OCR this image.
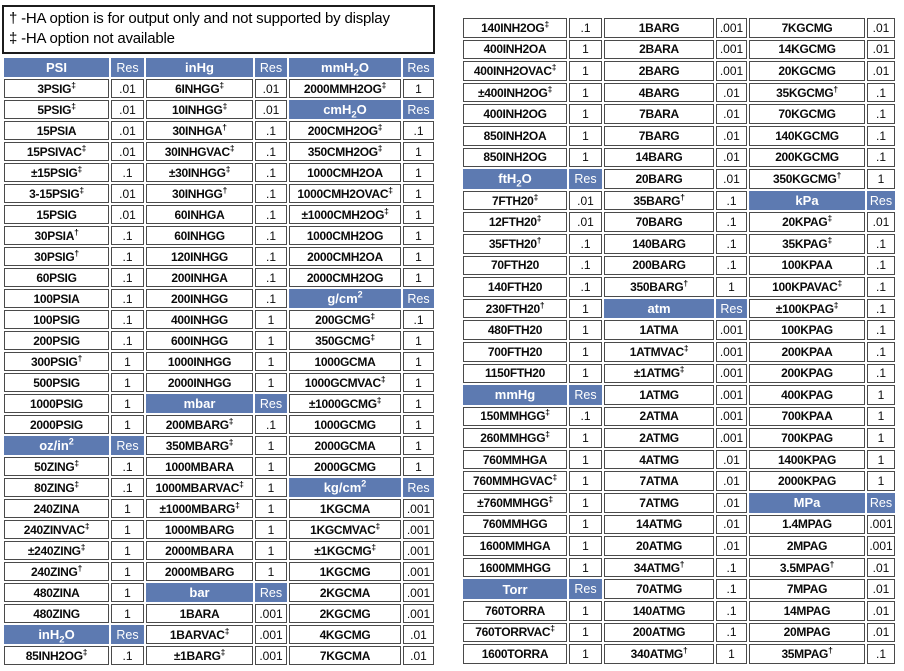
† -HA option is for output only and not supported by display
‡ -HA option not available
PSI	Res	inHg	Res	mmH$_2$O	Res
3PSIG‡	.01	6INHGG‡	.01	2000MMH2OG‡	1
5PSIG‡	.01	10INHGG‡	.01	cmH$_2$O	Res
15PSIA	.01	30INHGA†	.1	200CMH2OG‡	.1
15PSIVAC‡	.01	30INHGVAC‡	.1	350CMH2OG‡	1
±15PSIG‡	.1	±30INHGG‡	.1	1000CMH2OA	1
3-15PSIG‡	.01	30INHGG†	.1	1000CMH2OVAC‡	1
15PSIG	.01	60INHGA	.1	±1000CMH2OG‡	1
30PSIA†	.1	60INHGG	.1	1000CMH2OG	1
30PSIG†	.1	120INHGG	.1	2000CMH2OA	1
60PSIG	.1	200INHGA	.1	2000CMH2OG	1
100PSIA	.1	200INHGG	.1	$g/cm^2$	Res
100PSIG	.1	400INHGG	1	200GCMG‡	.1
200PSIG	.1	600INHGG	1	350GCMG‡	1
300PSIG†	1	1000INHGG	1	1000GCMA	1
500PSIG	1	2000INHGG	1	1000GCMVAC‡	1
1000PSIG	1	mbar	Res	±1000GCMG‡	1
2000PSIG	1	200MBARG‡	.1	1000GCMG	1
$oz/in^2$	Res	350MBARG‡	1	2000GCMA	1
50ZING‡	.1	1000MBARA	1	2000GCMG	1
80ZING‡	.1	1000MBARVAC‡	1	$kg/cm^2$	Res
240ZINA	1	±1000MBARG‡	1	1KGCMA	.001
240ZINVAC‡	1	1000MBARG	1	1KGCMVAC‡	.001
±240ZING‡	1	2000MBARA	1	±1KGCMG‡	.001
240ZING†	1	2000MBARG	1	1KGCMG	.001
480ZINA	1	bar	Res	2KGCMA	.001
480ZING	1	1BARA	.001	2KGCMG	.001
inH$_2$O	Res	1BARVAC‡	.001	4KGCMG	.01
85INH2OG‡	.1	±1BARG‡	.001	7KGCMA	.01
140INH2OG‡	.1	1BARG	.001	7KGCMG	.01
400INH2OA	1	2BARA	.001	14KGCMG	.01
400INH2OVAC‡	1	2BARG	.001	20KGCMG	.01
±400INH2OG‡	1	4BARG	.01	35KGCMG†	.1
400INH2OG	1	7BARA	.01	70KGCMG	.1
850INH2OA	1	7BARG	.01	140KGCMG	.1
850INH2OG	1	14BARG	.01	200KGCMG	.1
ftH$_2$O	Res	20BARG	.01	350KGCMG†	1
7FTH20‡	.01	35BARG†	.1	kPa	Res
12FTH20‡	.01	70BARG	.1	20KPAG‡	.01
35FTH20†	.1	140BARG	.1	35KPAG‡	.1
70FTH20	.1	200BARG	.1	100KPAA	.1
140FTH20	.1	350BARG†	1	100KPAVAC‡	.1
230FTH20†	1	atm	Res	±100KPAG‡	.1
480FTH20	1	1ATMA	.001	100KPAG	.1
700FTH20	1	1ATMVAC‡	.001	200KPAA	.1
1150FTH20	1	±1ATMG‡	.001	200KPAG	.1
mmHg	Res	1ATMG	.001	400KPAG	1
150MMHGG‡	.1	2ATMA	.001	700KPAA	1
260MMHGG‡	1	2ATMG	.001	700KPAG	1
760MMHGA	1	4ATMG	.01	1400KPAG	1
760MMHGVAC‡	1	7ATMA	.01	2000KPAG	1
±760MMHGG‡	1	7ATMG	.01	MPa	Res
760MMHGG	1	14ATMG	.01	1.4MPAG	.001
1600MMHGA	1	20ATMG	.01	2MPAG	.001
1600MMHGG	1	34ATMG†	.1	3.5MPAG†	.01
Torr	Res	70ATMG	.1	7MPAG	.01
760TORRA	1	140ATMG	.1	14MPAG	.01
760TORRVAC‡	1	200ATMG	.1	20MPAG	.01
1600TORRA	1	340ATMG†	1	35MPAG†	.1
